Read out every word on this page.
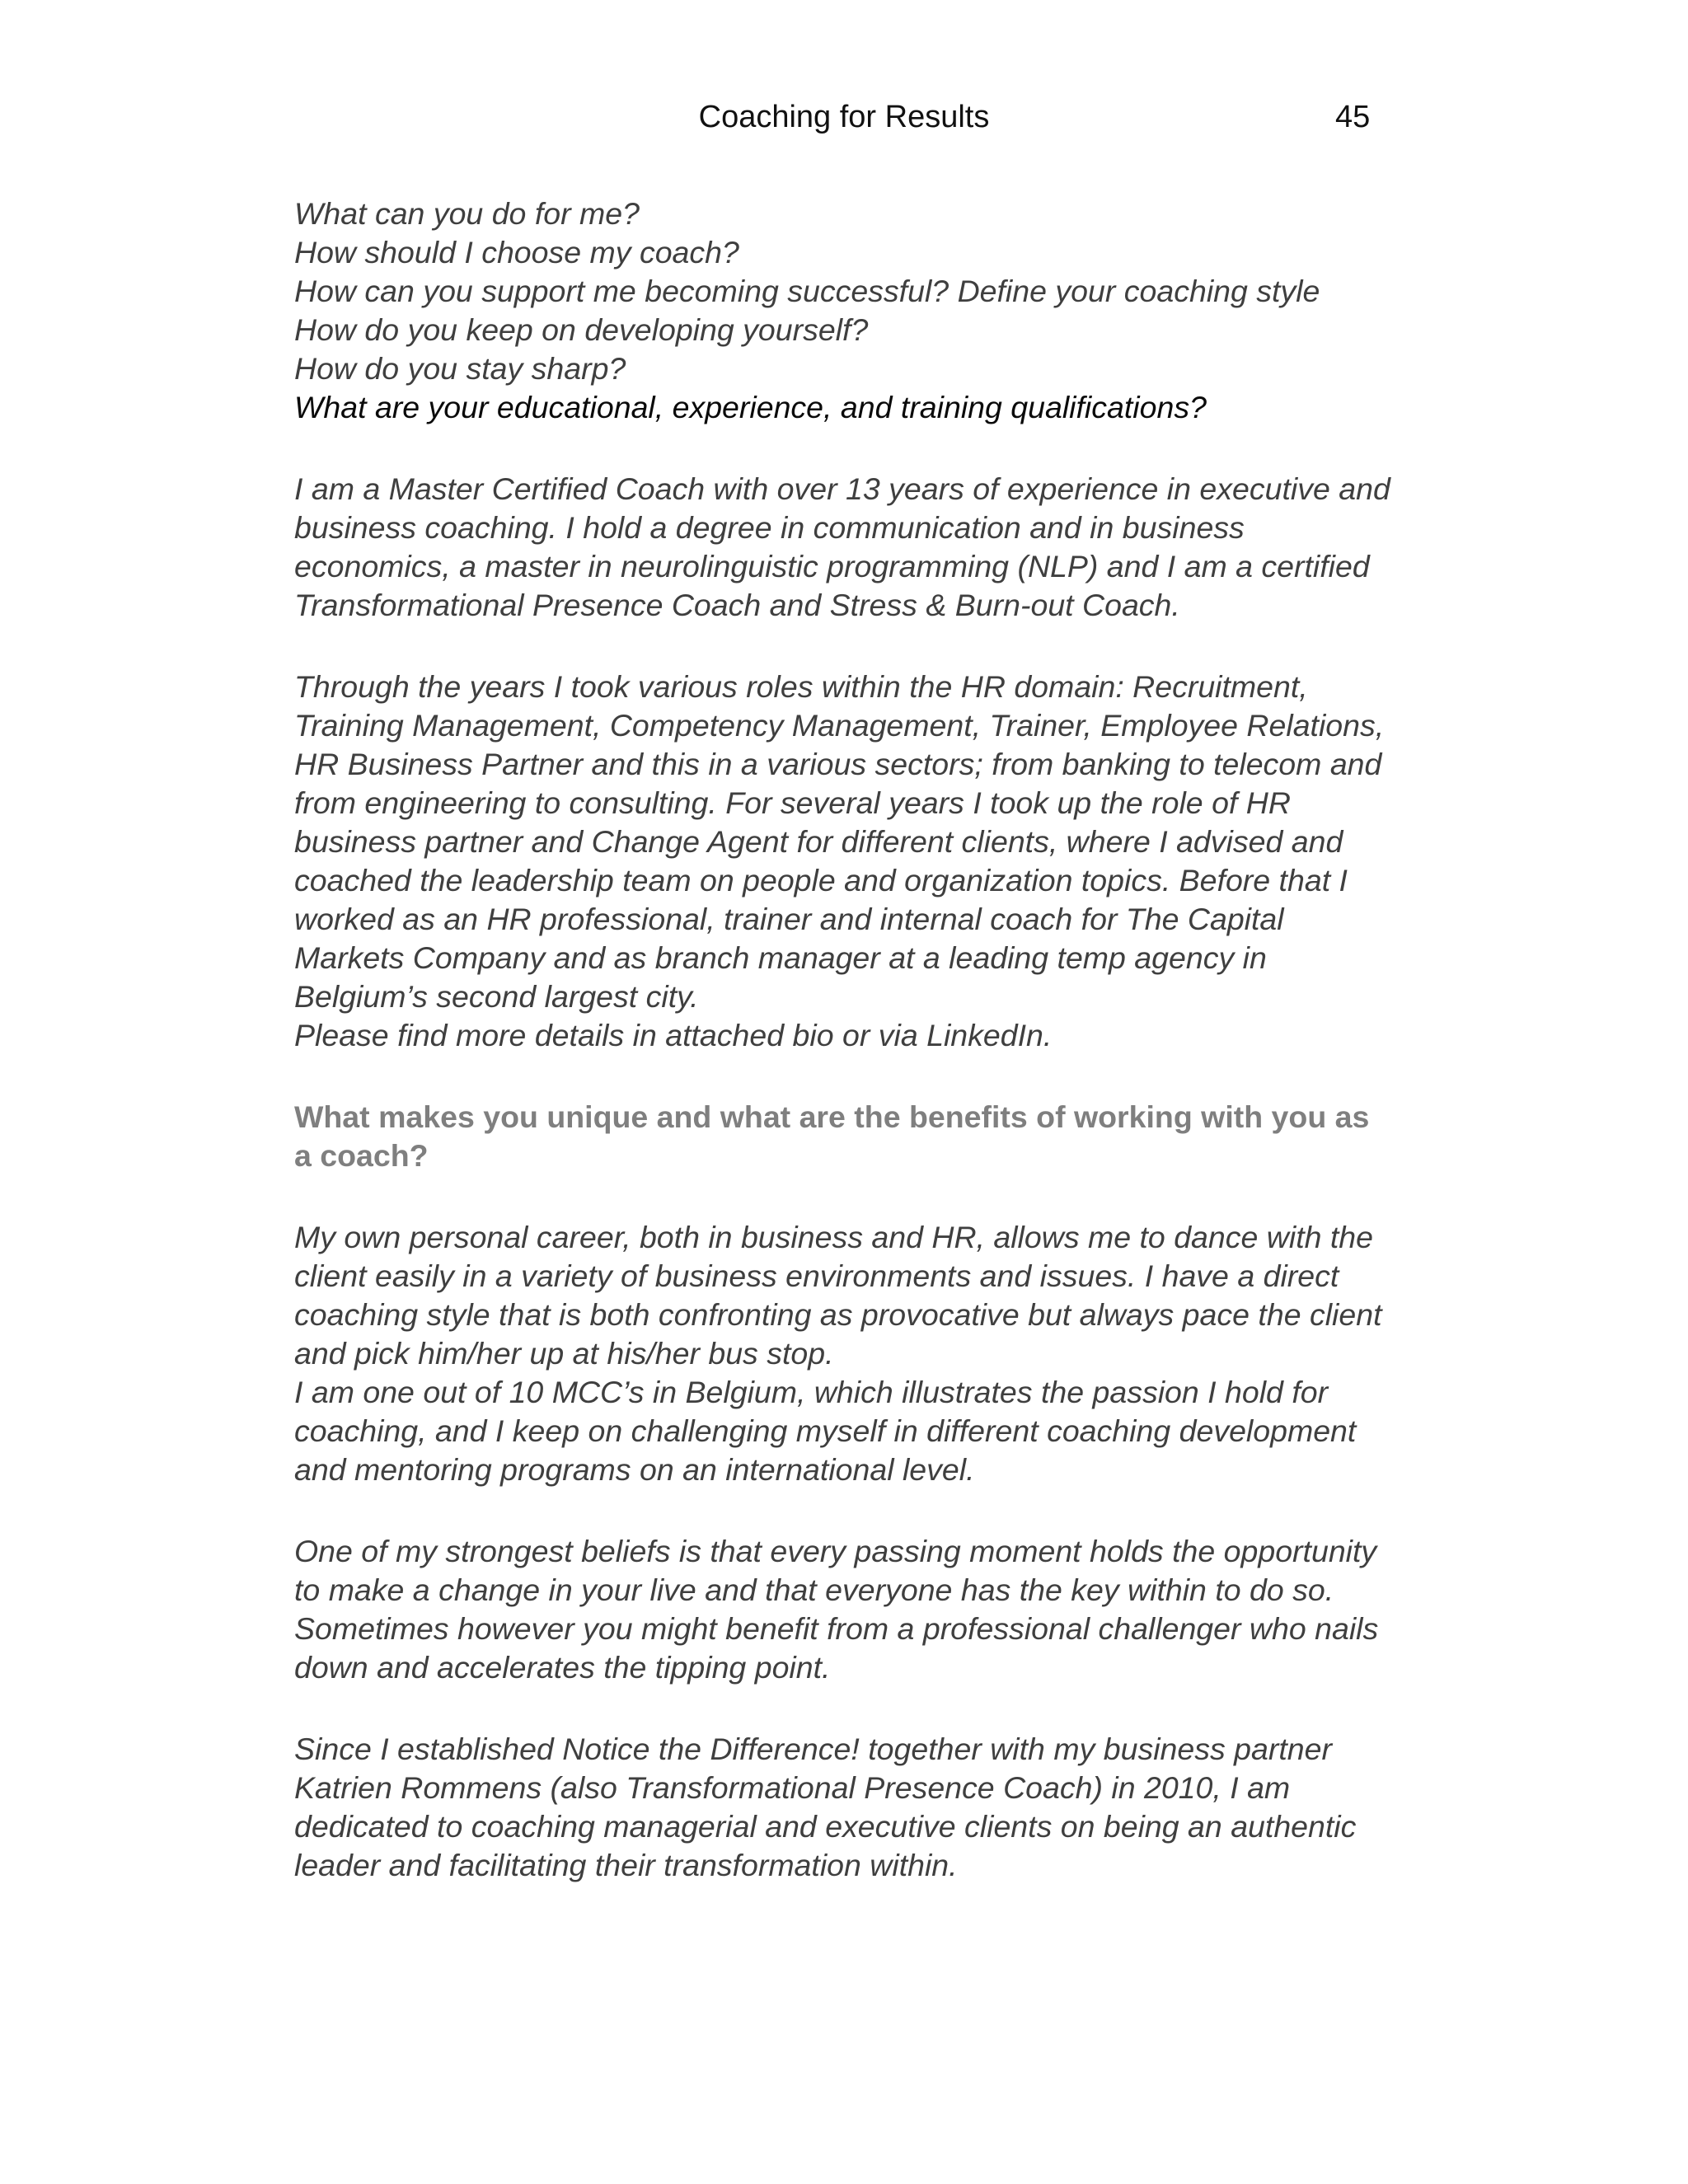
Coaching for Results	45

What can you do for me?

How should I choose my coach?

How can you support me becoming successful? Define your coaching style

How do you keep on developing yourself?

How do you stay sharp?

What are your educational, experience, and training qualifications?

I am a Master Certified Coach with over 13 years of experience in executive and business coaching. I hold a degree in communication and in business economics, a master in neurolinguistic programming (NLP) and I am a certified Transformational Presence Coach and Stress & Burn-out Coach.

Through the years I took various roles within the HR domain: Recruitment, Training Management, Competency Management, Trainer, Employee Relations, HR Business Partner and this in a various sectors; from banking to telecom and from engineering to consulting. For several years I took up the role of HR business partner and Change Agent for different clients, where I advised and coached the leadership team on people and organization topics. Before that I worked as an HR professional, trainer and internal coach for The Capital Markets Company and as branch manager at a leading temp agency in Belgium’s second largest city.

Please find more details in attached bio or via LinkedIn.

What makes you unique and what are the benefits of working with you as a coach?

My own personal career, both in business and HR, allows me to dance with the client easily in a variety of business environments and issues. I have a direct coaching style that is both confronting as provocative but always pace the client and pick him/her up at his/her bus stop.

I am one out of 10 MCC’s in Belgium, which illustrates the passion I hold for coaching, and I keep on challenging myself in different coaching development and mentoring programs on an international level.

One of my strongest beliefs is that every passing moment holds the opportunity to make a change in your live and that everyone has the key within to do so. Sometimes however you might benefit from a professional challenger who nails down and accelerates the tipping point.

Since I established Notice the Difference! together with my business partner Katrien Rommens (also Transformational Presence Coach) in 2010, I am dedicated to coaching managerial and executive clients on being an authentic leader and facilitating their transformation within.
